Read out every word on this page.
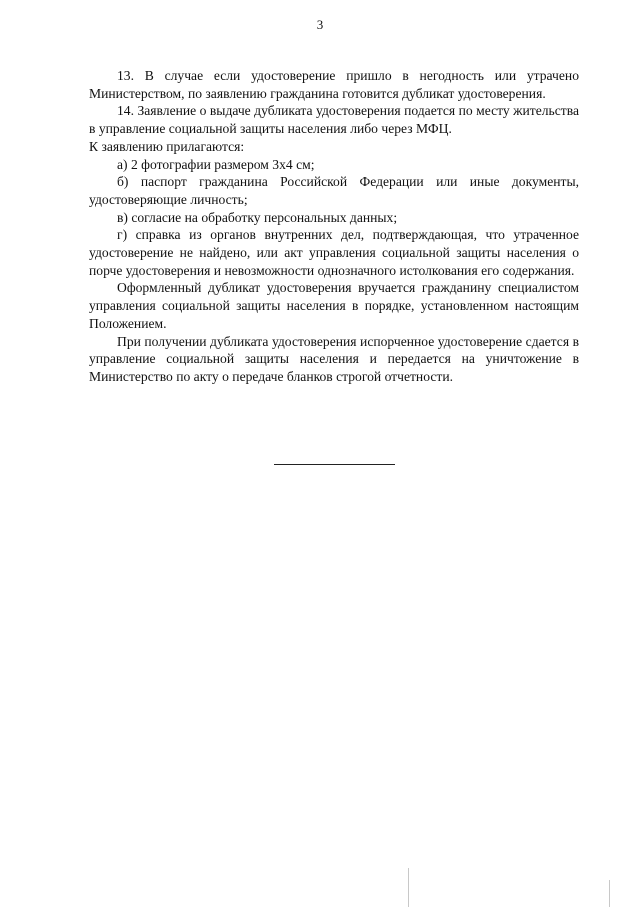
3

13. В случае если удостоверение пришло в негодность или утрачено Министерством, по заявлению гражданина готовится дубликат удостоверения.

14. Заявление о выдаче дубликата удостоверения подается по месту жительства в управление социальной защиты населения либо через МФЦ.

К заявлению прилагаются:

а) 2 фотографии размером 3х4 см;

б) паспорт гражданина Российской Федерации или иные документы, удостоверяющие личность;

в) согласие на обработку персональных данных;

г) справка из органов внутренних дел, подтверждающая, что утраченное удостоверение не найдено, или акт управления социальной защиты населения о порче удостоверения и невозможности однозначного истолкования его содержания.

Оформленный дубликат удостоверения вручается гражданину специалистом управления социальной защиты населения в порядке, установленном настоящим Положением.

При получении дубликата удостоверения испорченное удостоверение сдается в управление социальной защиты населения и передается на уничтожение в Министерство по акту о передаче бланков строгой отчетности.
